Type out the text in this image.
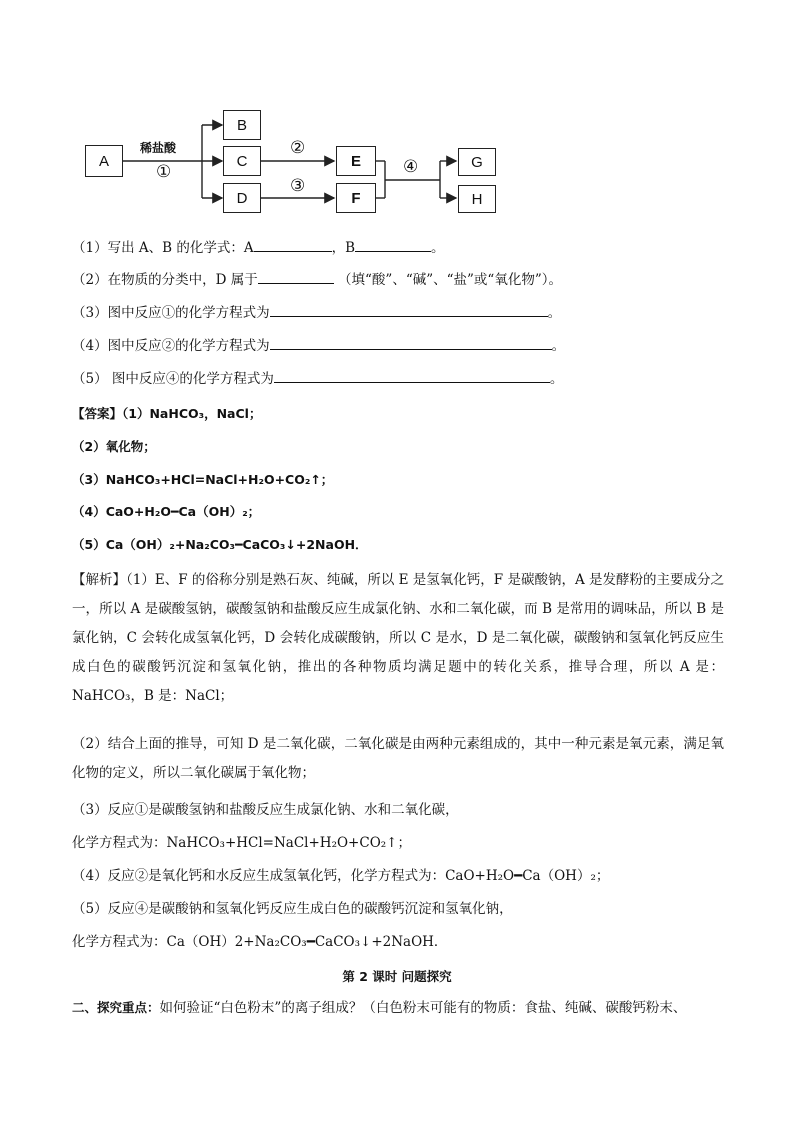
A
B
C
D
E
F
G
H
稀盐酸
①
②
③
④
（1）写出 A、B 的化学式：A	，B	。
（2）在物质的分类中，D 属于	（填“酸”、“碱”、“盐”或“氧化物”）。
（3）图中反应①的化学方程式为	。
（4）图中反应②的化学方程式为	。
（5） 图中反应④的化学方程式为	。
【答案】（1）NaHCO₃，NaCl；
（2）氧化物；
（3）NaHCO₃+HCl=NaCl+H₂O+CO₂↑；
（4）CaO+H₂O━Ca（OH）₂；
（5）Ca（OH）₂+Na₂CO₃━CaCO₃↓+2NaOH．
【解析】（1）E、F 的俗称分别是熟石灰、纯碱，所以 E 是氢氧化钙，F 是碳酸钠，A 是发酵粉的主要成分之一，所以 A 是碳酸氢钠，碳酸氢钠和盐酸反应生成氯化钠、水和二氧化碳，而 B 是常用的调味品，所以 B 是氯化钠，C 会转化成氢氧化钙，D 会转化成碳酸钠，所以 C 是水，D 是二氧化碳，碳酸钠和氢氧化钙反应生成白色的碳酸钙沉淀和氢氧化钠，推出的各种物质均满足题中的转化关系，推导合理，所以 A 是：NaHCO₃，B 是：NaCl；
（2）结合上面的推导，可知 D 是二氧化碳，二氧化碳是由两种元素组成的，其中一种元素是氧元素，满足氧化物的定义，所以二氧化碳属于氧化物；
（3）反应①是碳酸氢钠和盐酸反应生成氯化钠、水和二氧化碳，
化学方程式为：NaHCO₃+HCl=NaCl+H₂O+CO₂↑；
（4）反应②是氧化钙和水反应生成氢氧化钙，化学方程式为：CaO+H₂O━Ca（OH）₂；
（5）反应④是碳酸钠和氢氧化钙反应生成白色的碳酸钙沉淀和氢氧化钠，
化学方程式为：Ca（OH）2+Na₂CO₃━CaCO₃↓+2NaOH．
第 2 课时 问题探究
二、探究重点：如何验证“白色粉末”的离子组成？（白色粉末可能有的物质：食盐、纯碱、碳酸钙粉末、
